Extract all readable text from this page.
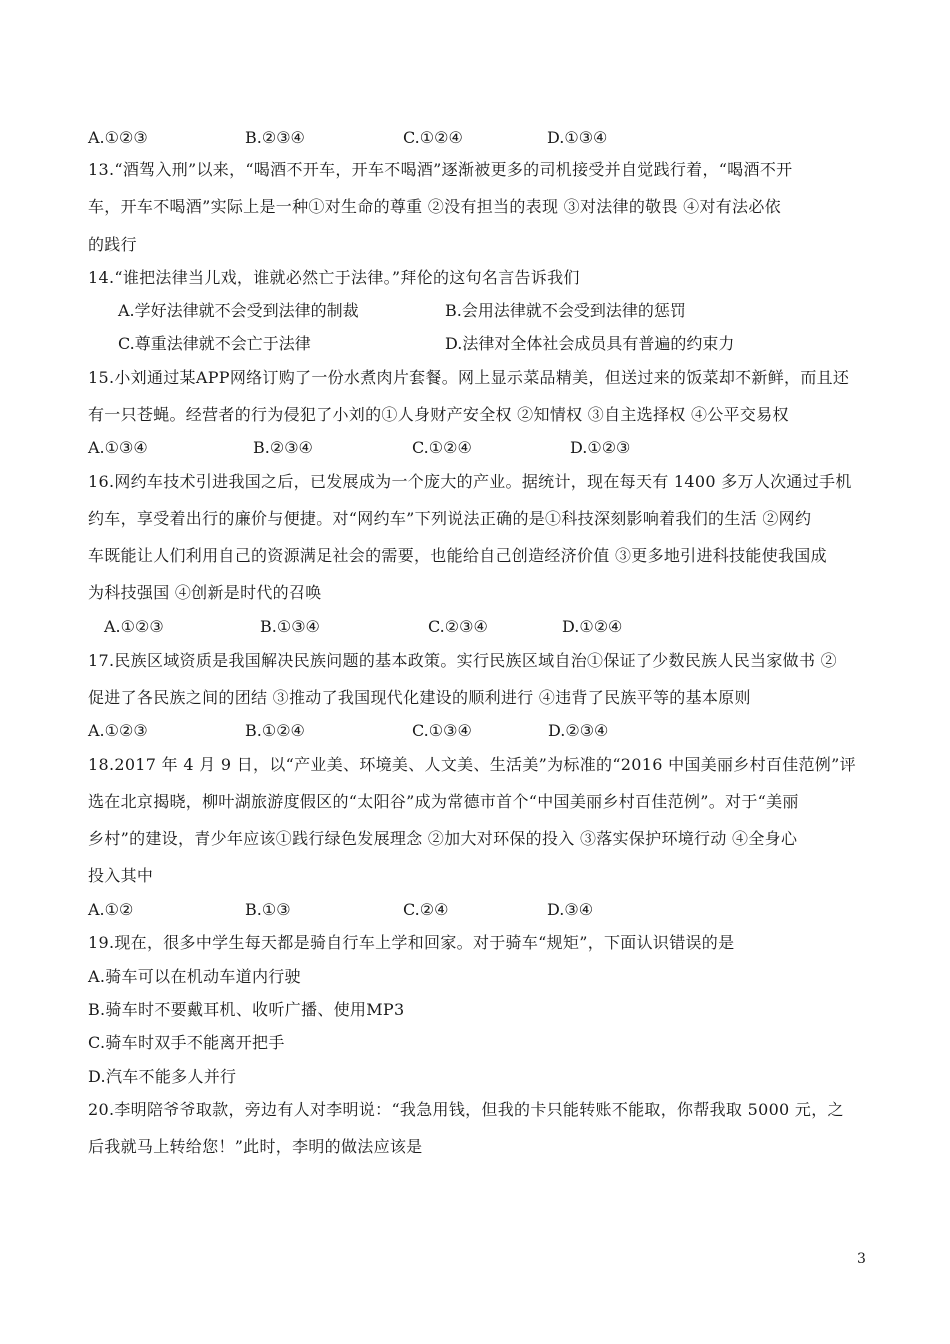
A.①②③	B.②③④	C.①②④	D.①③④
13.“酒驾入刑”以来，“喝酒不开车，开车不喝酒”逐渐被更多的司机接受并自觉践行着，“喝酒不开
车，开车不喝酒”实际上是一种①对生命的尊重 ②没有担当的表现 ③对法律的敬畏 ④对有法必依
的践行
14.“谁把法律当儿戏，谁就必然亡于法律。”拜伦的这句名言告诉我们
A.学好法律就不会受到法律的制裁	B.会用法律就不会受到法律的惩罚
C.尊重法律就不会亡于法律	D.法律对全体社会成员具有普遍的约束力
15.小刘通过某APP网络订购了一份水煮肉片套餐。网上显示菜品精美，但送过来的饭菜却不新鲜，而且还
有一只苍蝇。经营者的行为侵犯了小刘的①人身财产安全权 ②知情权 ③自主选择权 ④公平交易权
A.①③④	B.②③④	C.①②④	D.①②③
16.网约车技术引进我国之后，已发展成为一个庞大的产业。据统计，现在每天有 1400 多万人次通过手机
约车，享受着出行的廉价与便捷。对“网约车”下列说法正确的是①科技深刻影响着我们的生活 ②网约
车既能让人们利用自己的资源满足社会的需要，也能给自己创造经济价值 ③更多地引进科技能使我国成
为科技强国 ④创新是时代的召唤
A.①②③	B.①③④	C.②③④	D.①②④
17.民族区域资质是我国解决民族问题的基本政策。实行民族区域自治①保证了少数民族人民当家做书 ②
促进了各民族之间的团结 ③推动了我国现代化建设的顺利进行 ④违背了民族平等的基本原则
A.①②③	B.①②④	C.①③④	D.②③④
18.2017 年 4 月 9 日，以“产业美、环境美、人文美、生活美”为标准的“2016 中国美丽乡村百佳范例”评
选在北京揭晓，柳叶湖旅游度假区的“太阳谷”成为常德市首个“中国美丽乡村百佳范例”。对于“美丽
乡村”的建设，青少年应该①践行绿色发展理念 ②加大对环保的投入 ③落实保护环境行动 ④全身心
投入其中
A.①②	B.①③	C.②④	D.③④
19.现在，很多中学生每天都是骑自行车上学和回家。对于骑车“规矩”，下面认识错误的是
A.骑车可以在机动车道内行驶
B.骑车时不要戴耳机、收听广播、使用MP3
C.骑车时双手不能离开把手
D.汽车不能多人并行
20.李明陪爷爷取款，旁边有人对李明说：“我急用钱，但我的卡只能转账不能取，你帮我取 5000 元，之
后我就马上转给您！”此时，李明的做法应该是
3
